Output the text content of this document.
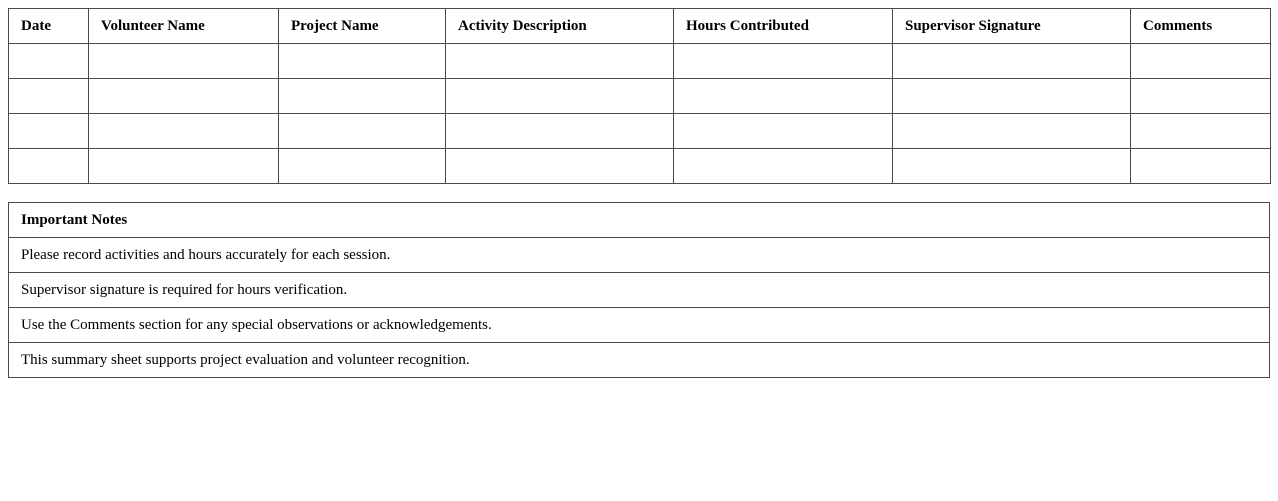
Date	Volunteer Name	Project Name	Activity Description	Hours Contributed	Supervisor Signature	Comments

Important Notes
Please record activities and hours accurately for each session.
Supervisor signature is required for hours verification.
Use the Comments section for any special observations or acknowledgements.
This summary sheet supports project evaluation and volunteer recognition.
